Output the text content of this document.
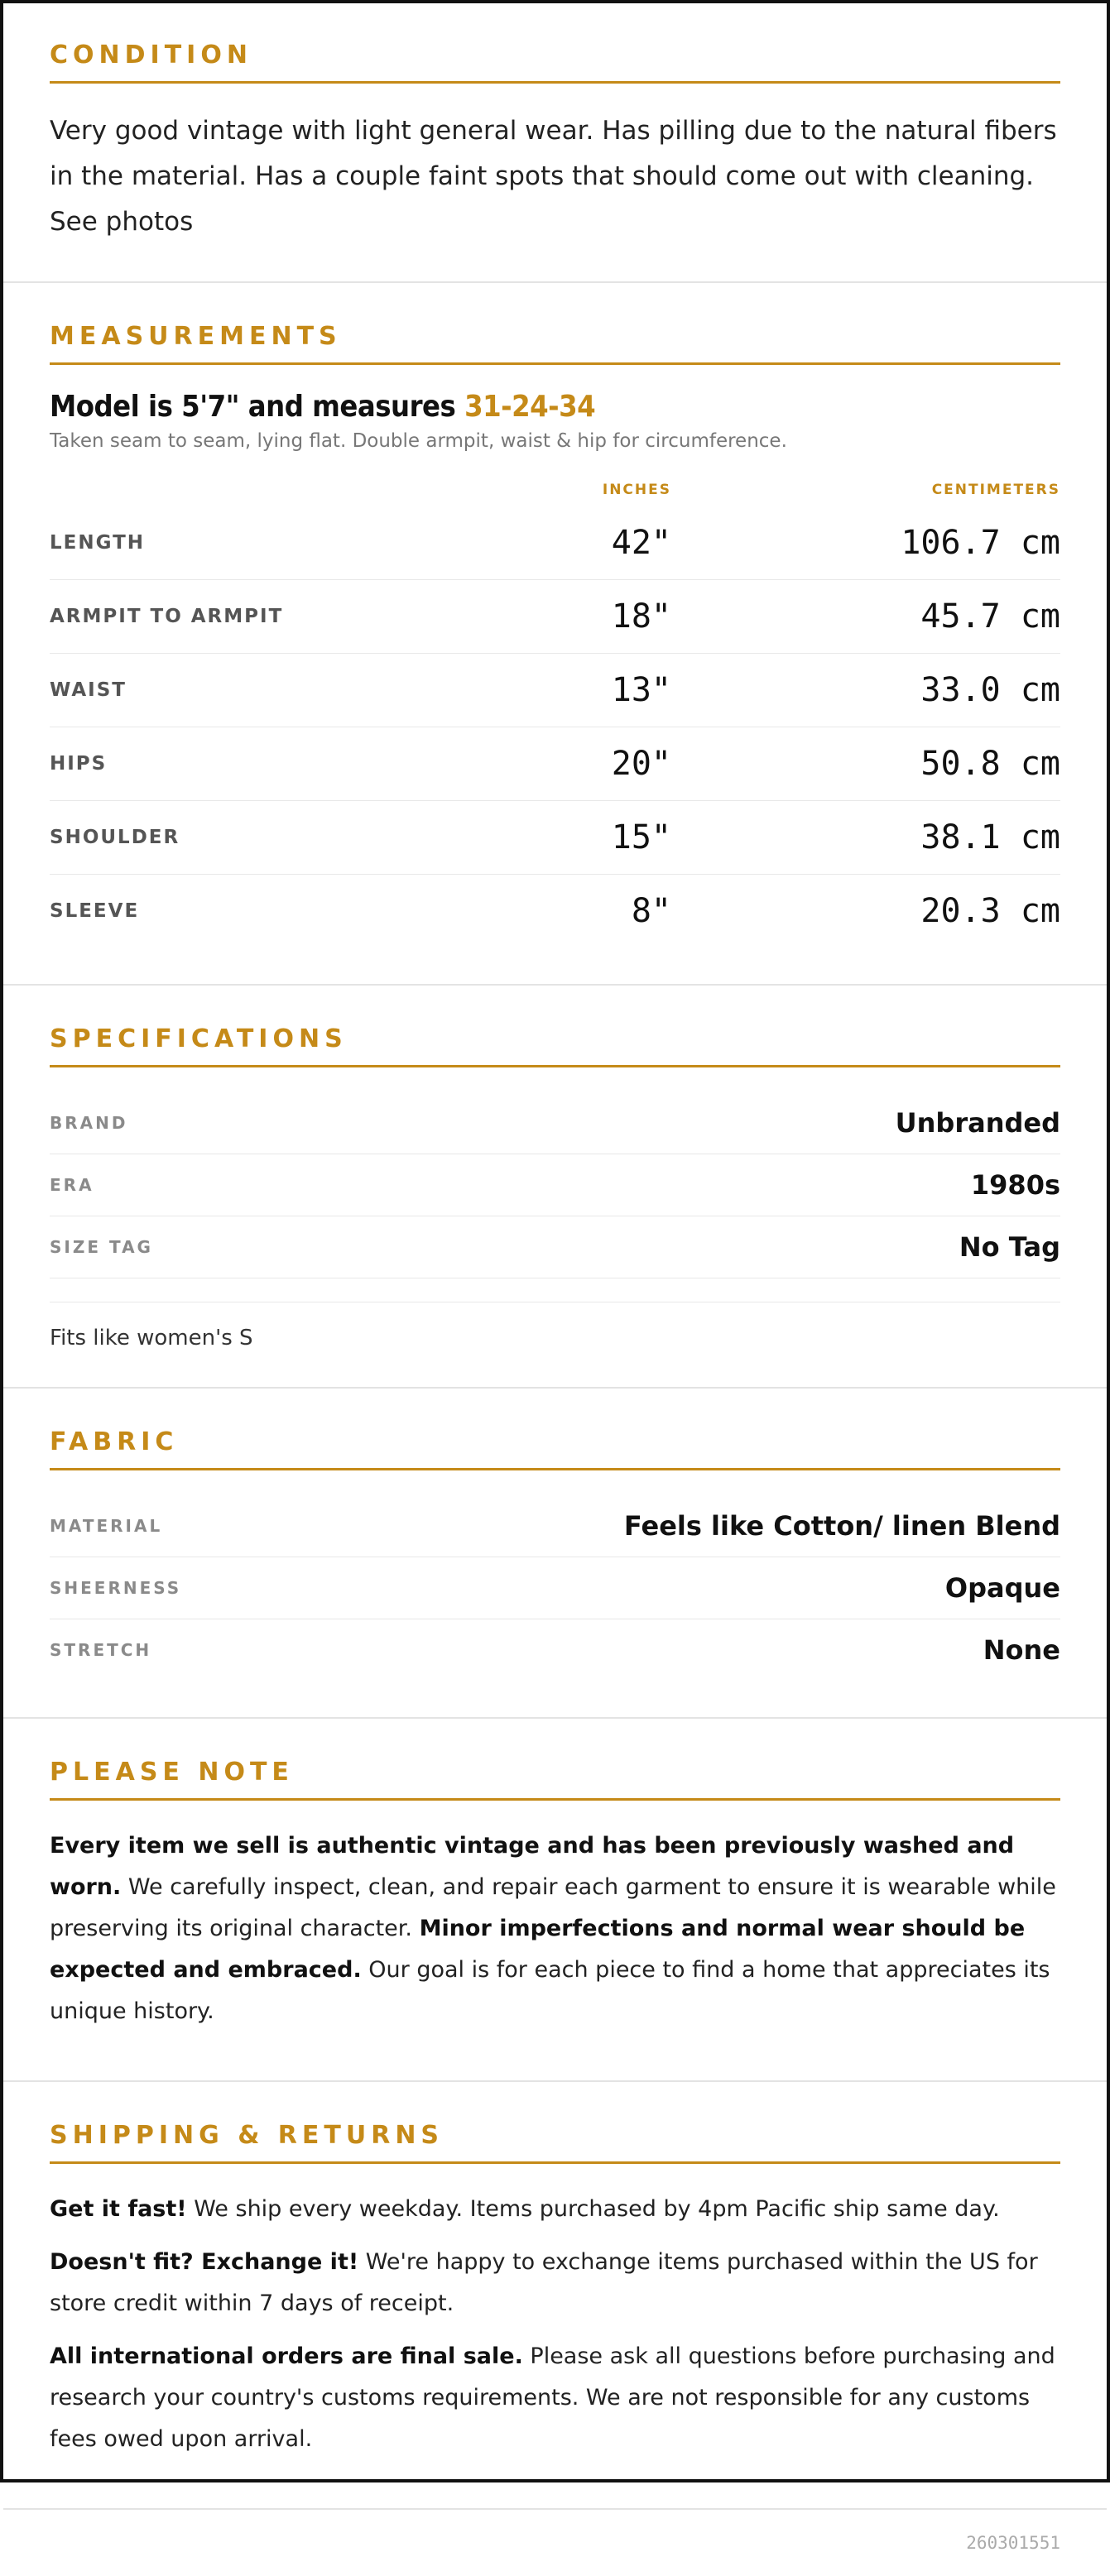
CONDITION

Very good vintage with light general wear. Has pilling due to the natural fibers in the material. Has a couple faint spots that should come out with cleaning. See photos

MEASUREMENTS
Model is 5'7" and measures 31-24-34

Taken seam to seam, lying flat. Double armpit, waist & hip for circumference.

INCHES	CENTIMETERS
LENGTH	42"	106.7 cm
ARMPIT TO ARMPIT	18"	45.7 cm
WAIST	13"	33.0 cm
HIPS	20"	50.8 cm
SHOULDER	15"	38.1 cm
SLEEVE	8"	20.3 cm
SPECIFICATIONS
BRAND	Unbranded
ERA	1980s
SIZE TAG	No Tag
Fits like women's S
FABRIC
MATERIAL	Feels like Cotton/ linen Blend
SHEERNESS	Opaque
STRETCH	None
PLEASE NOTE

Every item we sell is authentic vintage and has been previously washed and worn. We carefully inspect, clean, and repair each garment to ensure it is wearable while preserving its original character. Minor imperfections and normal wear should be expected and embraced. Our goal is for each piece to find a home that appreciates its unique history.

SHIPPING & RETURNS

Get it fast! We ship every weekday. Items purchased by 4pm Pacific ship same day.

Doesn't fit? Exchange it! We're happy to exchange items purchased within the US for store credit within 7 days of receipt.

All international orders are final sale. Please ask all questions before purchasing and research your country's customs requirements. We are not responsible for any customs fees owed upon arrival.

260301551
